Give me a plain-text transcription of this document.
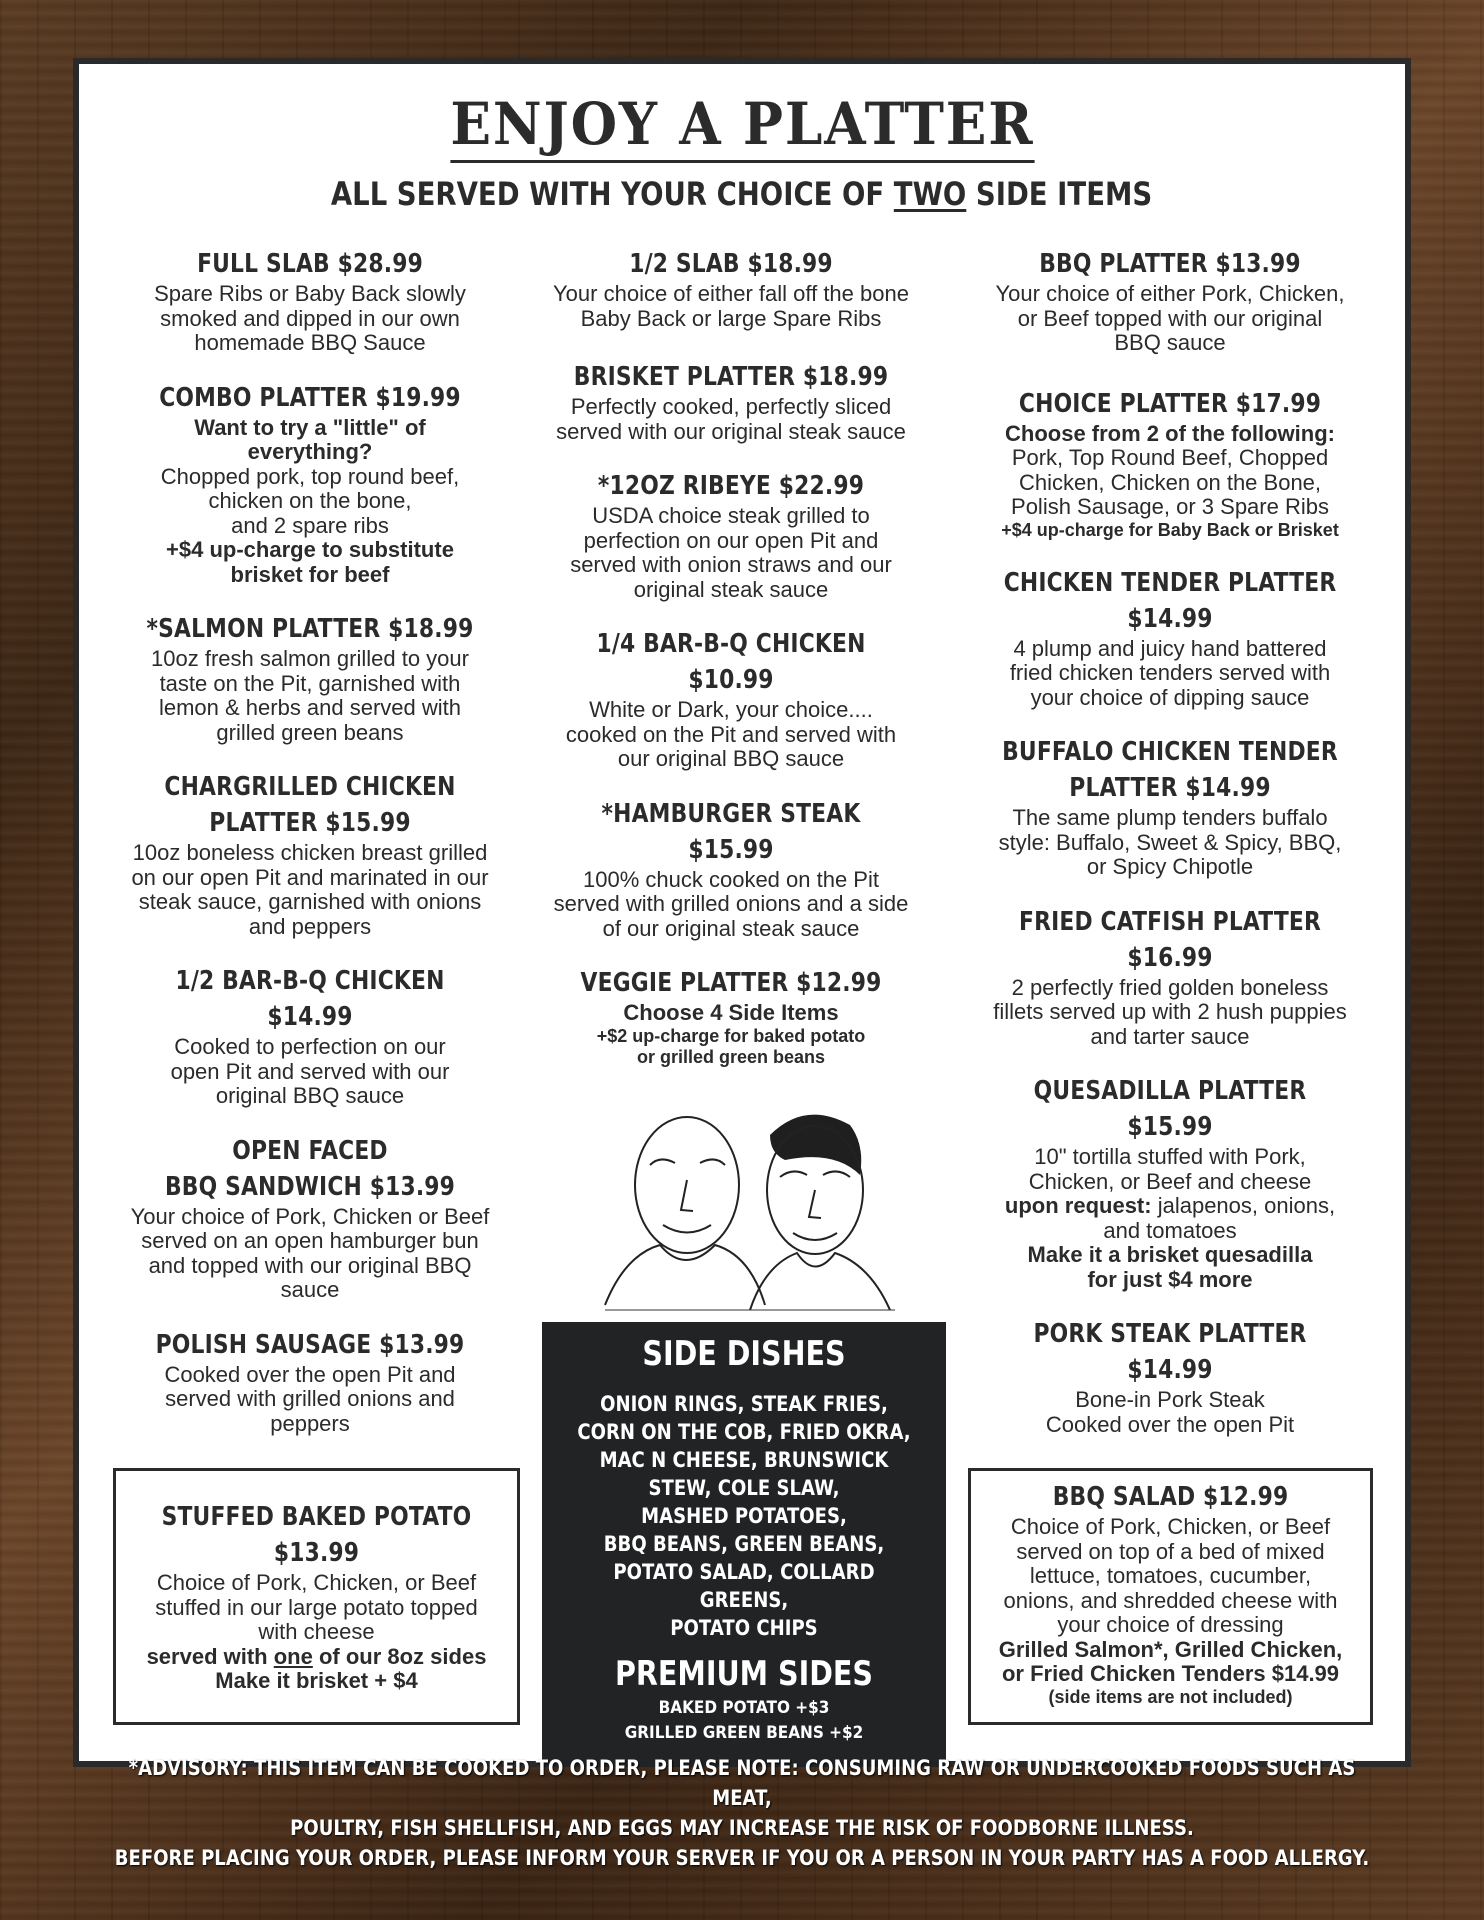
ENJOY A PLATTER
ALL SERVED WITH YOUR CHOICE OF TWO SIDE ITEMS
FULL SLAB $28.99

Spare Ribs or Baby Back slowly

smoked and dipped in our own

homemade BBQ Sauce

COMBO PLATTER $19.99

Want to try a "little" of

everything?

Chopped pork, top round beef,

chicken on the bone,

and 2 spare ribs

+$4 up-charge to substitute

brisket for beef

*SALMON PLATTER $18.99

10oz fresh salmon grilled to your

taste on the Pit, garnished with

lemon & herbs and served with

grilled green beans

CHARGRILLED CHICKEN
PLATTER $15.99

10oz boneless chicken breast grilled

on our open Pit and marinated in our

steak sauce, garnished with onions

and peppers

1/2 BAR-B-Q CHICKEN $14.99

Cooked to perfection on our

open Pit and served with our

original BBQ sauce

OPEN FACED
BBQ SANDWICH $13.99

Your choice of Pork, Chicken or Beef

served on an open hamburger bun

and topped with our original BBQ

sauce

POLISH SAUSAGE $13.99

Cooked over the open Pit and

served with grilled onions and

peppers

1/2 SLAB $18.99

Your choice of either fall off the bone

Baby Back or large Spare Ribs

BRISKET PLATTER $18.99

Perfectly cooked, perfectly sliced

served with our original steak sauce

*12OZ RIBEYE $22.99

USDA choice steak grilled to

perfection on our open Pit and

served with onion straws and our

original steak sauce

1/4 BAR-B-Q CHICKEN $10.99

White or Dark, your choice....

cooked on the Pit and served with

our original BBQ sauce

*HAMBURGER STEAK $15.99

100% chuck cooked on the Pit

served with grilled onions and a side

of our original steak sauce

VEGGIE PLATTER $12.99

Choose 4 Side Items

+$2 up-charge for baked potato

or grilled green beans

BBQ PLATTER $13.99

Your choice of either Pork, Chicken,

or Beef topped with our original

BBQ sauce

CHOICE PLATTER $17.99

Choose from 2 of the following:

Pork, Top Round Beef, Chopped

Chicken, Chicken on the Bone,

Polish Sausage, or 3 Spare Ribs

+$4 up-charge for Baby Back or Brisket

CHICKEN TENDER PLATTER
$14.99

4 plump and juicy hand battered

fried chicken tenders served with

your choice of dipping sauce

BUFFALO CHICKEN TENDER
PLATTER $14.99

The same plump tenders buffalo

style: Buffalo, Sweet & Spicy, BBQ,

or Spicy Chipotle

FRIED CATFISH PLATTER $16.99

2 perfectly fried golden boneless

fillets served up with 2 hush puppies

and tarter sauce

QUESADILLA PLATTER $15.99

10" tortilla stuffed with Pork,

Chicken, or Beef and cheese

upon request: jalapenos, onions,

and tomatoes

Make it a brisket quesadilla

for just $4 more

PORK STEAK PLATTER $14.99

Bone-in Pork Steak

Cooked over the open Pit

STUFFED BAKED POTATO
$13.99

Choice of Pork, Chicken, or Beef

stuffed in our large potato topped

with cheese

served with one of our 8oz sides

Make it brisket + $4

SIDE DISHES
ONION RINGS, STEAK FRIES,
CORN ON THE COB, FRIED OKRA,
MAC N CHEESE, BRUNSWICK
STEW, COLE SLAW,
MASHED POTATOES,
BBQ BEANS, GREEN BEANS,
POTATO SALAD, COLLARD GREENS,
POTATO CHIPS
PREMIUM SIDES
BAKED POTATO +$3
GRILLED GREEN BEANS +$2
BBQ SALAD $12.99

Choice of Pork, Chicken, or Beef

served on top of a bed of mixed

lettuce, tomatoes, cucumber,

onions, and shredded cheese with

your choice of dressing

Grilled Salmon*, Grilled Chicken,

or Fried Chicken Tenders $14.99

(side items are not included)

*ADVISORY: THIS ITEM CAN BE COOKED TO ORDER, PLEASE NOTE: CONSUMING RAW OR UNDERCOOKED FOODS SUCH AS MEAT,
POULTRY, FISH SHELLFISH, AND EGGS MAY INCREASE THE RISK OF FOODBORNE ILLNESS.
BEFORE PLACING YOUR ORDER, PLEASE INFORM YOUR SERVER IF YOU OR A PERSON IN YOUR PARTY HAS A FOOD ALLERGY.
